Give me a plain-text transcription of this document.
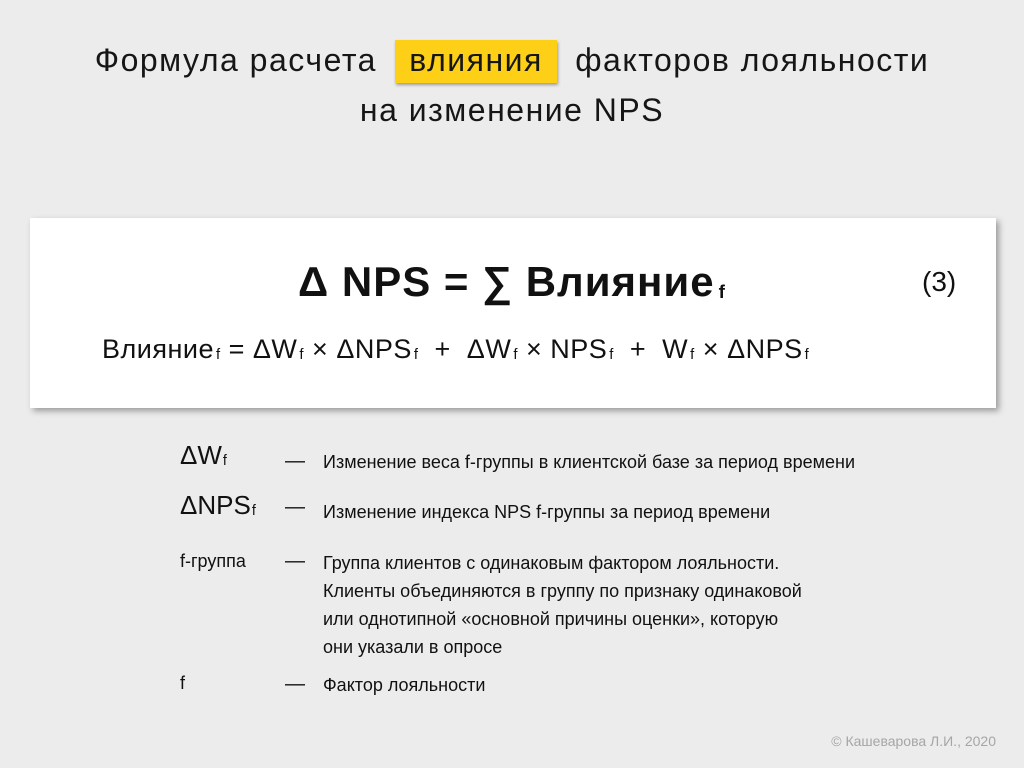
Формула расчета влияния факторов лояльности
на изменение NPS
Δ NPS = ∑ Влияние $_f$	(3)
Влияние $_f$ = ΔW $_f$ × ΔNPS $_f$  +  ΔW $_f$ × NPS $_f$  +  W $_f$ × ΔNPS $_f$
$\Delta W_f$	— Изменение веса f-группы в клиентской базе за период времени
$\Delta NPS_f$ — Изменение индекса NPS f-группы за период времени
f-группа — Группа клиентов с одинаковым фактором лояльности.
Клиенты объединяются в группу по признаку одинаковой
или однотипной «основной причины оценки», которую
они указали в опросе
f	— Фактор лояльности
© Кашеварова Л.И., 2020
